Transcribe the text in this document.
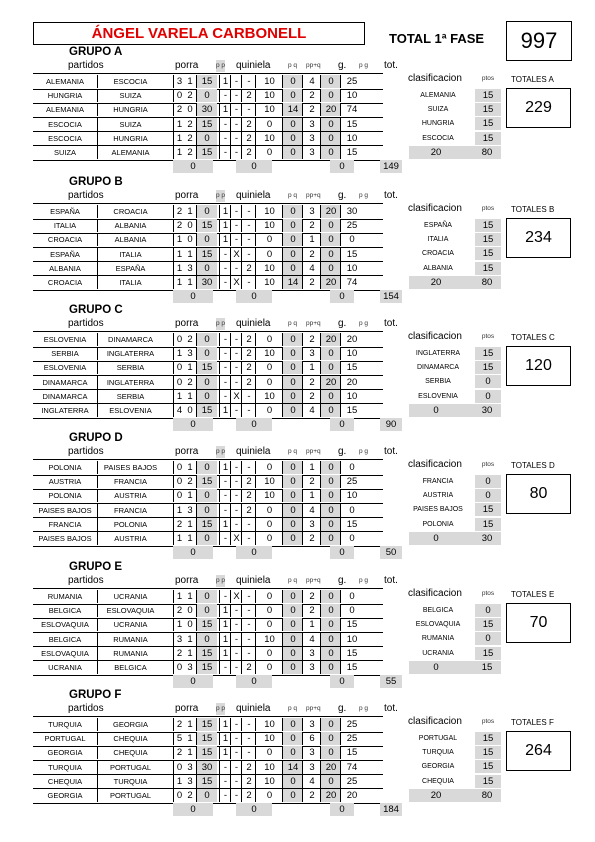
ÁNGEL VARELA CARBONELL	TOTAL 1ª FASE	997
GRUPO A
partidos	porra	p p quiniela	p q pp+q g. p g tot.
ALEMANIA	ESCOCIA	3 1 15	1 - -	10	0	4	0	25
HUNGRIA	SUIZA	0 2	0	- - 2	10	0	2	0	10
ALEMANIA	HUNGRIA	2 0 30	1 - -	10	14	2	20	74
ESCOCIA	SUIZA	1 2 15	- - 2	0	0	3	0	15
ESCOCIA	HUNGRIA	1 2	0	- - 2	10	0	3	0	10
SUIZA	ALEMANIA	1 2 15	- - 2	0	0	3	0	15
0	0	0	149
clasificacion	ptos
ALEMANIA	15
SUIZA	15
HUNGRIA	15
ESCOCIA	15
20	80
TOTALES A
229
GRUPO B
partidos	porra	p p quiniela	p q pp+q g. p g tot.
ESPAÑA	CROACIA	2 1	0	1 - -	10	0	3	20	30
ITALIA	ALBANIA	2 0 15	1 - -	10	0	2	0	25
CROACIA	ALBANIA	1 0	0	1 - -	0	0	1	0	0
ESPAÑA	ITALIA	1 1 15	- X -	0	0	2	0	15
ALBANIA	ESPAÑA	1 3	0	- - 2	10	0	4	0	10
CROACIA	ITALIA	1 1 30	- X -	10	14	2	20	74
0	0	0	154
clasificacion	ptos
ESPAÑA	15
ITALIA	15
CROACIA	15
ALBANIA	15
20	80
TOTALES B
234
GRUPO C
partidos	porra	p p quiniela	p q pp+q g. p g tot.
ESLOVENIA	DINAMARCA	0 2	0	- - 2	0	0	2	20	20
SERBIA	INGLATERRA	1 3	0	- - 2	10	0	3	0	10
ESLOVENIA	SERBIA	0 1 15	- - 2	0	0	1	0	15
DINAMARCA	INGLATERRA	0 2	0	- - 2	0	0	2	20	20
DINAMARCA	SERBIA	1 1	0	- X -	10	0	2	0	10
INGLATERRA	ESLOVENIA	4 0 15	1 - -	0	0	4	0	15
0	0	0	90
clasificacion	ptos
INGLATERRA	15
DINAMARCA	15
SERBIA	0
ESLOVENIA	0
0	30
TOTALES C
120
GRUPO D
partidos	porra	p p quiniela	p q pp+q g. p g tot.
POLONIA	PAISES BAJOS	0 1	0	1 - -	0	0	1	0	0
AUSTRIA	FRANCIA	0 2 15	- - 2	10	0	2	0	25
POLONIA	AUSTRIA	0 1	0	- - 2	10	0	1	0	10
PAISES BAJOS	FRANCIA	1 3	0	- - 2	0	0	4	0	0
FRANCIA	POLONIA	2 1 15	1 - -	0	0	3	0	15
PAISES BAJOS	AUSTRIA	1 1	0	- X -	0	0	2	0	0
0	0	0	50
clasificacion	ptos
FRANCIA	0
AUSTRIA	0
PAISES BAJOS	15
POLONIA	15
0	30
TOTALES D
80
GRUPO E
partidos	porra	p p quiniela	p q pp+q g. p g tot.
RUMANIA	UCRANIA	1 1	0	- X -	0	0	2	0	0
BELGICA	ESLOVAQUIA	2 0	0	1 - -	0	0	2	0	0
ESLOVAQUIA	UCRANIA	1 0 15	1 - -	0	0	1	0	15
BELGICA	RUMANIA	3 1	0	1 - -	10	0	4	0	10
ESLOVAQUIA	RUMANIA	2 1 15	1 - -	0	0	3	0	15
UCRANIA	BELGICA	0 3 15	- - 2	0	0	3	0	15
0	0	0	55
clasificacion	ptos
BELGICA	0
ESLOVAQUIA	15
RUMANIA	0
UCRANIA	15
0	15
TOTALES E
70
GRUPO F
partidos	porra	p p quiniela	p q pp+q g. p g tot.
TURQUIA	GEORGIA	2 1 15	1 - -	10	0	3	0	25
PORTUGAL	CHEQUIA	5 1 15	1 - -	10	0	6	0	25
GEORGIA	CHEQUIA	2 1 15	1 - -	0	0	3	0	15
TURQUIA	PORTUGAL	0 3 30	- - 2	10	14	3	20	74
CHEQUIA	TURQUIA	1 3 15	- - 2	10	0	4	0	25
GEORGIA	PORTUGAL	0 2	0	- - 2	0	0	2	20	20
0	0	0	184
clasificacion	ptos
PORTUGAL	15
TURQUIA	15
GEORGIA	15
CHEQUIA	15
20	80
TOTALES F
264
